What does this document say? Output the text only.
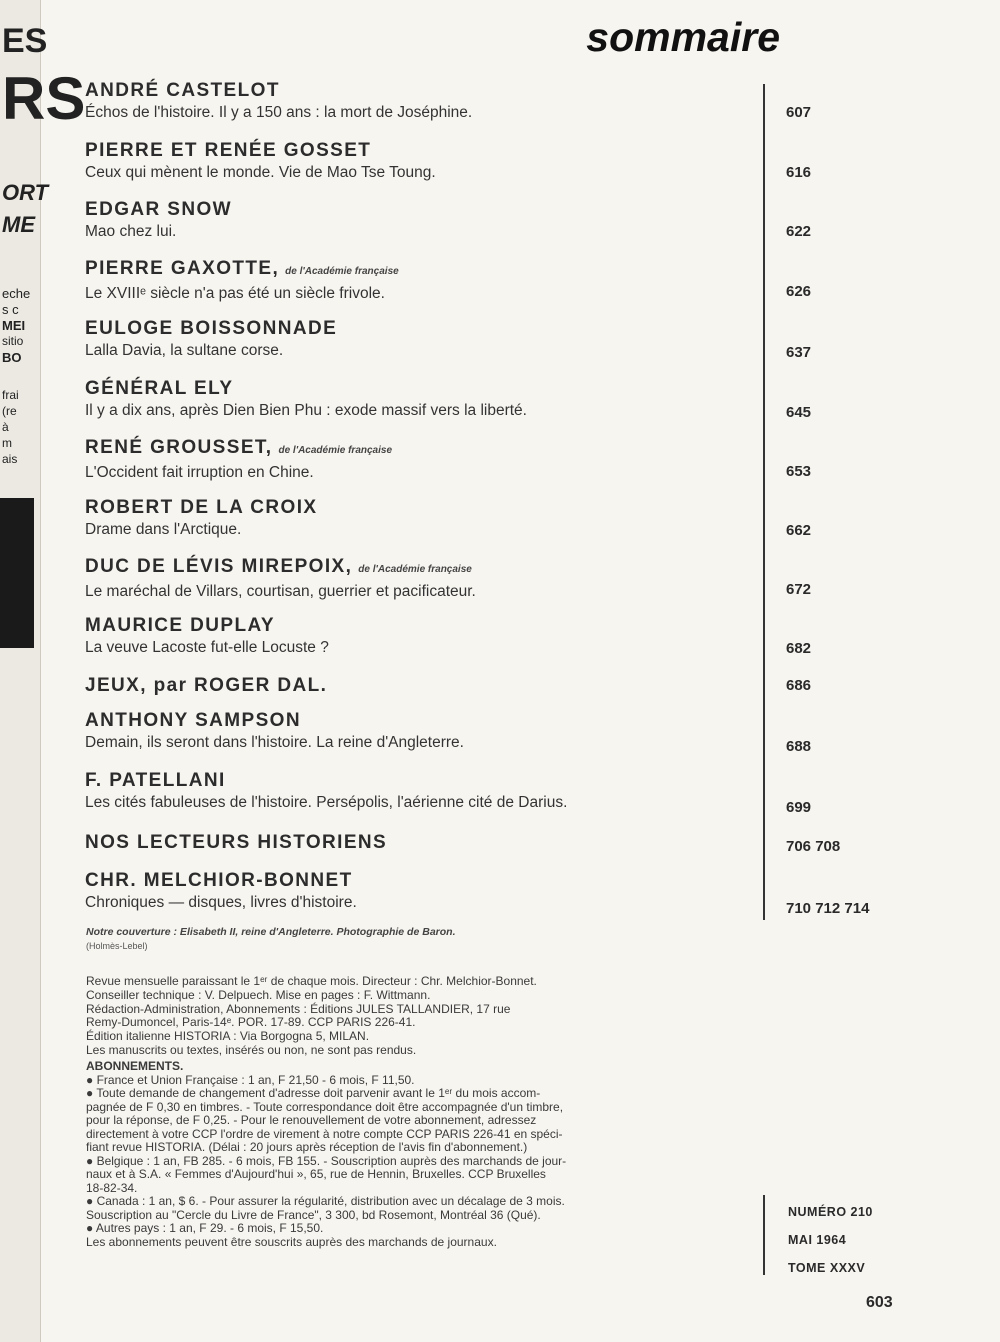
ES
RS
ORT
ME
eche
s c
MEI
sitio
BO
frai
(re
à
m
ais
sommaire
ANDRÉ CASTELOT
Échos de l'histoire. Il y a 150 ans : la mort de Joséphine.	607
PIERRE ET RENÉE GOSSET
Ceux qui mènent le monde. Vie de Mao Tse Toung.	616
EDGAR SNOW
Mao chez lui.	622
PIERRE GAXOTTE, de l'Académie française
Le XVIIIᵉ siècle n'a pas été un siècle frivole.	626
EULOGE BOISSONNADE
Lalla Davia, la sultane corse.	637
GÉNÉRAL ELY
Il y a dix ans, après Dien Bien Phu : exode massif vers la liberté.	645
RENÉ GROUSSET, de l'Académie française
L'Occident fait irruption en Chine.	653
ROBERT DE LA CROIX
Drame dans l'Arctique.	662
DUC DE LÉVIS MIREPOIX, de l'Académie française
Le maréchal de Villars, courtisan, guerrier et pacificateur.	672
MAURICE DUPLAY
La veuve Lacoste fut-elle Locuste ?	682
JEUX, par ROGER DAL.	686
ANTHONY SAMPSON
Demain, ils seront dans l'histoire. La reine d'Angleterre.	688
F. PATELLANI
Les cités fabuleuses de l'histoire. Persépolis, l'aérienne cité de Darius.	699
NOS LECTEURS HISTORIENS	706 708
CHR. MELCHIOR-BONNET
Chroniques — disques, livres d'histoire.	710 712 714
Notre couverture : Elisabeth II, reine d'Angleterre. Photographie de Baron.
(Holmès-Lebel)
Revue mensuelle paraissant le 1ᵉʳ de chaque mois. Directeur : Chr. Melchior-Bonnet.
Conseiller technique : V. Delpuech. Mise en pages : F. Wittmann.
Rédaction-Administration, Abonnements : Éditions JULES TALLANDIER, 17 rue
Remy-Dumoncel, Paris-14ᵉ. POR. 17-89. CCP PARIS 226-41.
Édition italienne HISTORIA : Via Borgogna 5, MILAN.
Les manuscrits ou textes, insérés ou non, ne sont pas rendus.
ABONNEMENTS.
● France et Union Française : 1 an, F 21,50 - 6 mois, F 11,50.
● Toute demande de changement d'adresse doit parvenir avant le 1ᵉʳ du mois accom-
pagnée de F 0,30 en timbres. - Toute correspondance doit être accompagnée d'un timbre,
pour la réponse, de F 0,25. - Pour le renouvellement de votre abonnement, adressez
directement à votre CCP l'ordre de virement à notre compte CCP PARIS 226-41 en spéci-
fiant revue HISTORIA. (Délai : 20 jours après réception de l'avis fin d'abonnement.)
● Belgique : 1 an, FB 285. - 6 mois, FB 155. - Souscription auprès des marchands de jour-
naux et à S.A. « Femmes d'Aujourd'hui », 65, rue de Hennin, Bruxelles. CCP Bruxelles
18-82-34.
● Canada : 1 an, $ 6. - Pour assurer la régularité, distribution avec un décalage de 3 mois.
Souscription au "Cercle du Livre de France", 3 300, bd Rosemont, Montréal 36 (Qué).
● Autres pays : 1 an, F 29. - 6 mois, F 15,50.
Les abonnements peuvent être souscrits auprès des marchands de journaux.
NUMÉRO 210
MAI 1964
TOME XXXV
603
